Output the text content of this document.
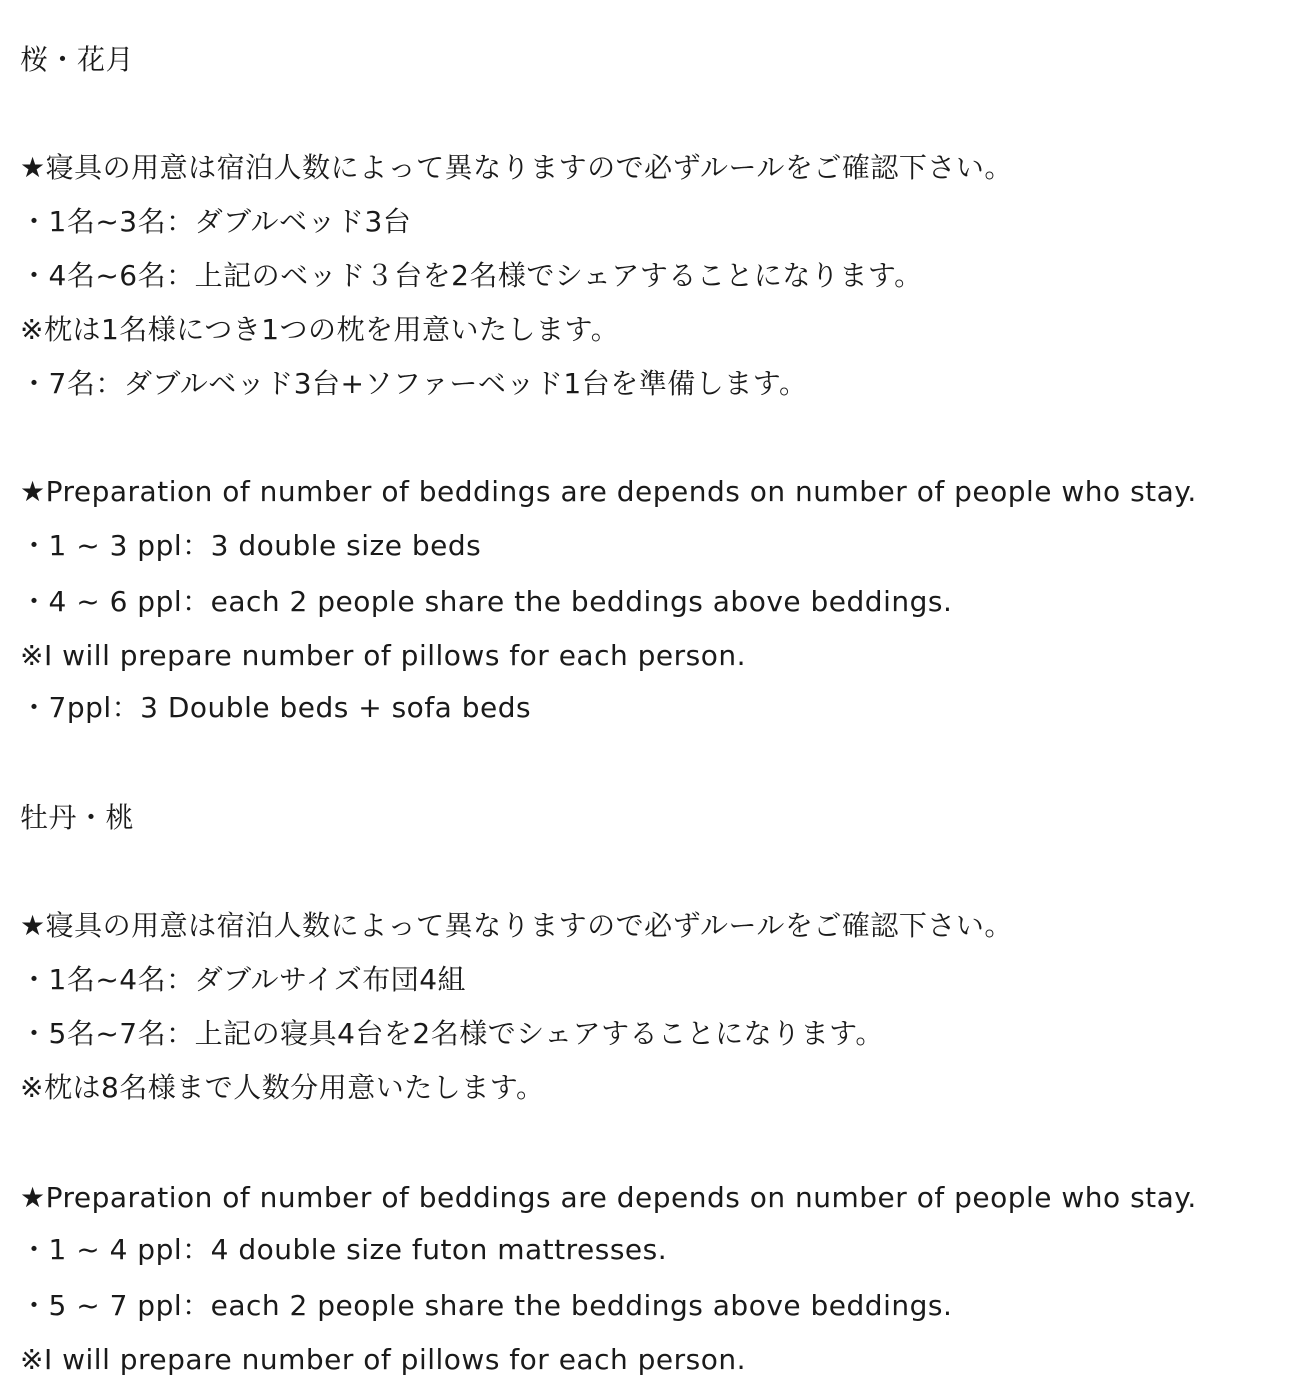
桜・花月
★寝具の用意は宿泊人数によって異なりますので必ずルールをご確認下さい。
・1名~3名：ダブルベッド3台
・4名~6名：上記のベッド３台を2名様でシェアすることになります。
※枕は1名様につき1つの枕を用意いたします。
・7名：ダブルベッド3台+ソファーベッド1台を準備します。
★Preparation of number of beddings are depends on number of people who stay.
・1 ~ 3 ppl：3 double size beds
・4 ~ 6 ppl：each 2 people share the beddings above beddings.
※I will prepare number of pillows for each person.
・7ppl：3 Double beds + sofa beds
牡丹・桃
★寝具の用意は宿泊人数によって異なりますので必ずルールをご確認下さい。
・1名~4名：ダブルサイズ布団4組
・5名~7名：上記の寝具4台を2名様でシェアすることになります。
※枕は8名様まで人数分用意いたします。
★Preparation of number of beddings are depends on number of people who stay.
・1 ~ 4 ppl：4 double size futon mattresses.
・5 ~ 7 ppl：each 2 people share the beddings above beddings.
※I will prepare number of pillows for each person.
